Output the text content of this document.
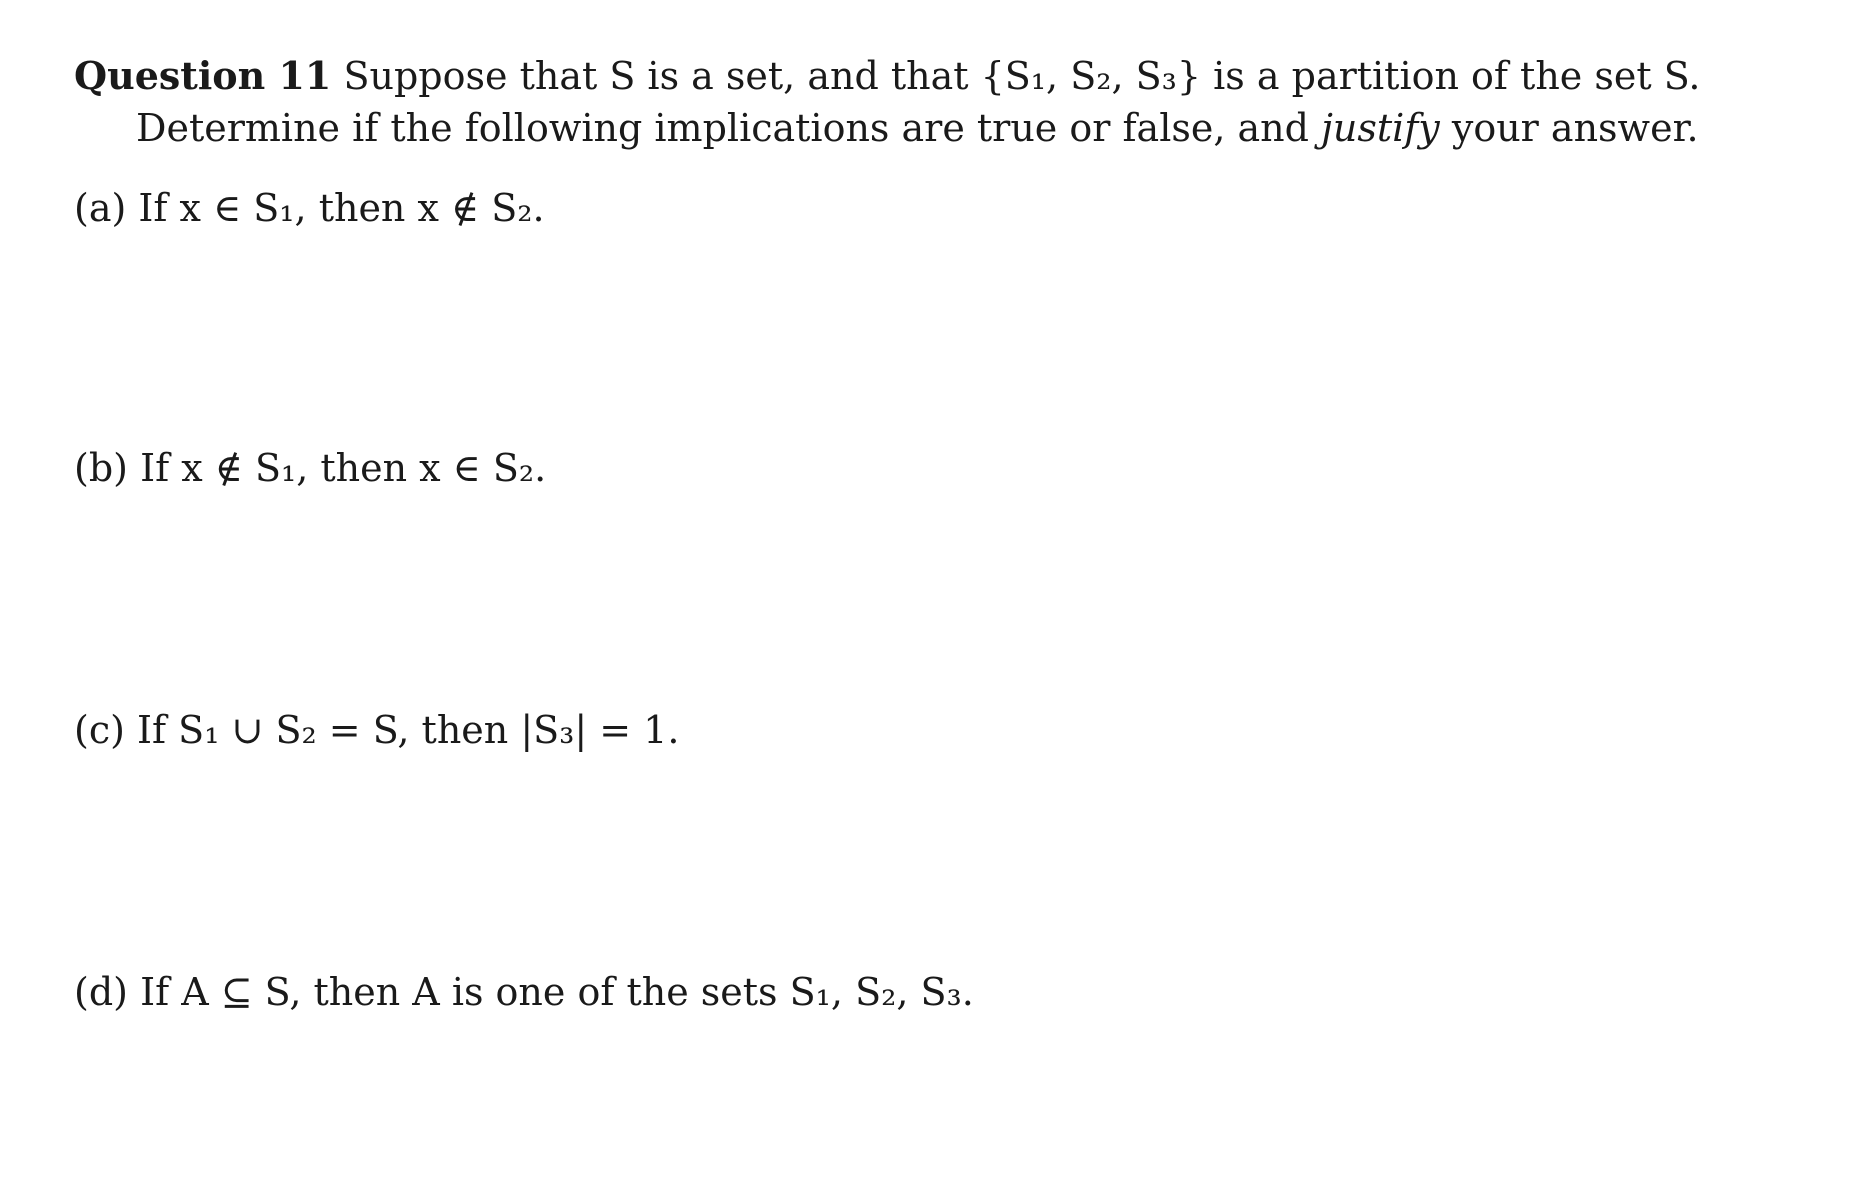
Question 11 Suppose that S is a set, and that {S₁, S₂, S₃} is a partition of the set S.
Determine if the following implications are true or false, and justify your answer.
(a) If x ∈ S₁, then x ∉ S₂.
(b) If x ∉ S₁, then x ∈ S₂.
(c) If S₁ ∪ S₂ = S, then |S₃| = 1.
(d) If A ⊆ S, then A is one of the sets S₁, S₂, S₃.
